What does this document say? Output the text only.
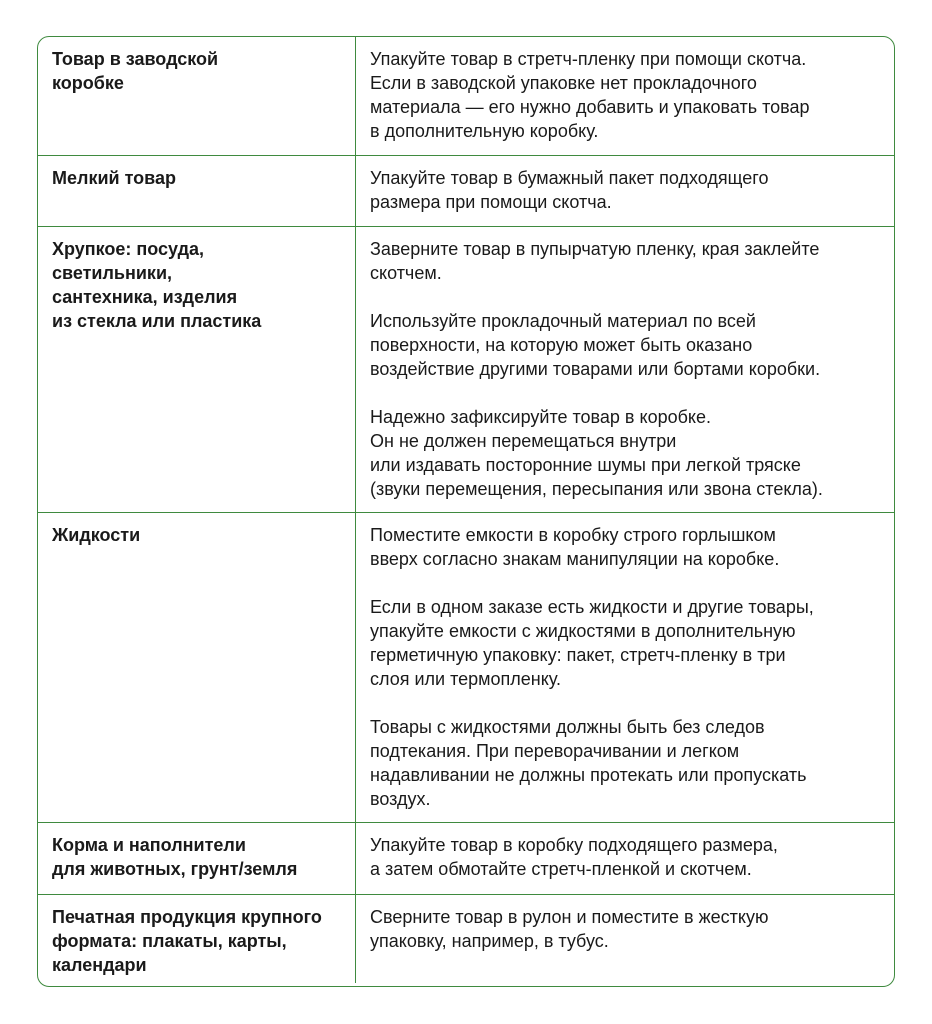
Товар в заводской
коробке
Упакуйте товар в стретч-пленку при помощи скотча.
Если в заводской упаковке нет прокладочного
материала — его нужно добавить и упаковать товар
в дополнительную коробку.
Мелкий товар	Упакуйте товар в бумажный пакет подходящего
размера при помощи скотча.
Хрупкое: посуда,
светильники,
сантехника, изделия
из стекла или пластика
Заверните товар в пупырчатую пленку, края заклейте
скотчем.
Используйте прокладочный материал по всей
поверхности, на которую может быть оказано
воздействие другими товарами или бортами коробки.
Надежно зафиксируйте товар в коробке.
Он не должен перемещаться внутри
или издавать посторонние шумы при легкой тряске
(звуки перемещения, пересыпания или звона стекла).
Жидкости	Поместите емкости в коробку строго горлышком
вверх согласно знакам манипуляции на коробке.
Если в одном заказе есть жидкости и другие товары,
упакуйте емкости с жидкостями в дополнительную
герметичную упаковку: пакет, стретч-пленку в три
слоя или термопленку.
Товары с жидкостями должны быть без следов
подтекания. При переворачивании и легком
надавливании не должны протекать или пропускать
воздух.
Корма и наполнители
для животных, грунт/земля
Упакуйте товар в коробку подходящего размера,
а затем обмотайте стретч-пленкой и скотчем.
Печатная продукция крупного
формата: плакаты, карты,
календари
Сверните товар в рулон и поместите в жесткую
упаковку, например, в тубус.
